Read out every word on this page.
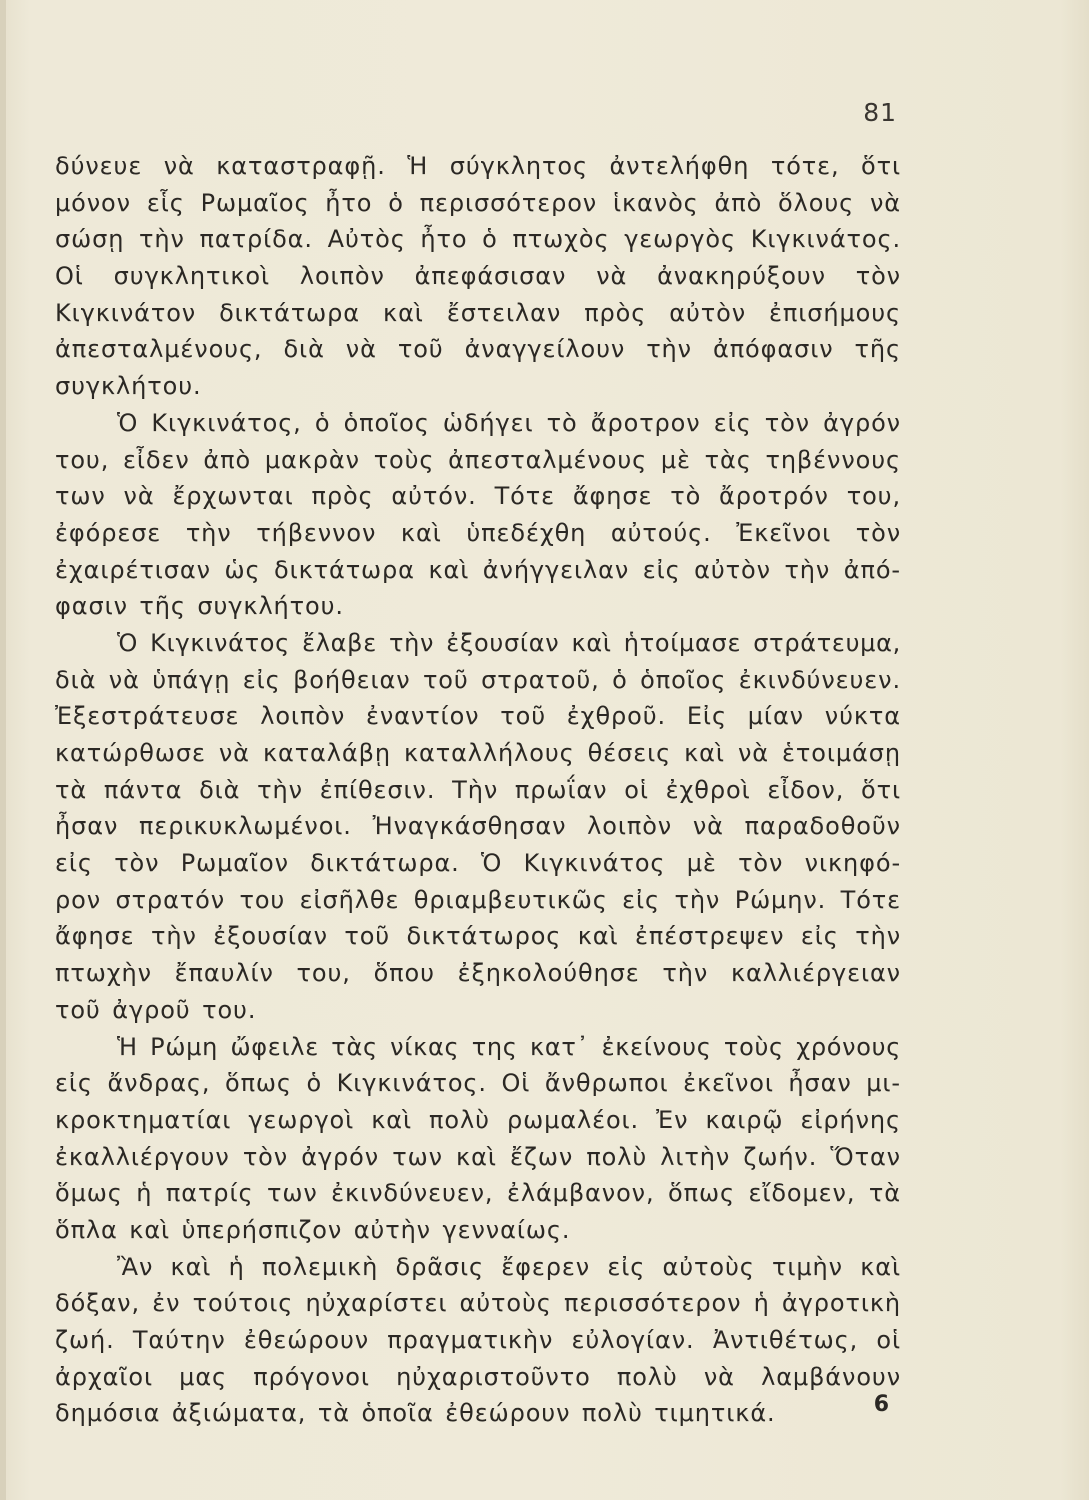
81
δύνευε νὰ καταστραφῇ. Ἡ σύγκλητος ἀντελήφθη τότε, ὅτι
μόνον εἷς Ρωμαῖος ἦτο ὁ περισσότερον ἱκανὸς ἀπὸ ὅλους νὰ
σώσῃ τὴν πατρίδα. Αὐτὸς ἦτο ὁ πτωχὸς γεωργὸς Κιγκινάτος.
Οἱ συγκλητικοὶ λοιπὸν ἀπεφάσισαν νὰ ἀνακηρύξουν τὸν
Κιγκινάτον δικτάτωρα καὶ ἔστειλαν πρὸς αὐτὸν ἐπισήμους
ἀπεσταλμένους, διὰ νὰ τοῦ ἀναγγείλουν τὴν ἀπόφασιν τῆς
συγκλήτου.
Ὁ Κιγκινάτος, ὁ ὁποῖος ὡδήγει τὸ ἄροτρον εἰς τὸν ἀγρόν
του, εἶδεν ἀπὸ μακρὰν τοὺς ἀπεσταλμένους μὲ τὰς τηβέννους
των νὰ ἔρχωνται πρὸς αὐτόν. Τότε ἄφησε τὸ ἄροτρόν του,
ἐφόρεσε τὴν τήβεννον καὶ ὑπεδέχθη αὐτούς. Ἐκεῖνοι τὸν
ἐχαιρέτισαν ὡς δικτάτωρα καὶ ἀνήγγειλαν εἰς αὐτὸν τὴν ἀπό-
φασιν τῆς συγκλήτου.
Ὁ Κιγκινάτος ἔλαβε τὴν ἐξουσίαν καὶ ἡτοίμασε στράτευμα,
διὰ νὰ ὑπάγῃ εἰς βοήθειαν τοῦ στρατοῦ, ὁ ὁποῖος ἐκινδύνευεν.
Ἐξεστράτευσε λοιπὸν ἐναντίον τοῦ ἐχθροῦ. Εἰς μίαν νύκτα
κατώρθωσε νὰ καταλάβῃ καταλλήλους θέσεις καὶ νὰ ἑτοιμάσῃ
τὰ πάντα διὰ τὴν ἐπίθεσιν. Τὴν πρωΐαν οἱ ἐχθροὶ εἶδον, ὅτι
ἦσαν περικυκλωμένοι. Ἠναγκάσθησαν λοιπὸν νὰ παραδοθοῦν
εἰς τὸν Ρωμαῖον δικτάτωρα. Ὁ Κιγκινάτος μὲ τὸν νικηφό-
ρον στρατόν του εἰσῆλθε θριαμβευτικῶς εἰς τὴν Ρώμην. Τότε
ἄφησε τὴν ἐξουσίαν τοῦ δικτάτωρος καὶ ἐπέστρεψεν εἰς τὴν
πτωχὴν ἔπαυλίν του, ὅπου ἐξηκολούθησε τὴν καλλιέργειαν
τοῦ ἀγροῦ του.
Ἡ Ρώμη ὤφειλε τὰς νίκας της κατ᾽ ἐκείνους τοὺς χρόνους
εἰς ἄνδρας, ὅπως ὁ Κιγκινάτος. Οἱ ἄνθρωποι ἐκεῖνοι ἦσαν μι-
κροκτηματίαι γεωργοὶ καὶ πολὺ ρωμαλέοι. Ἐν καιρῷ εἰρήνης
ἐκαλλιέργουν τὸν ἀγρόν των καὶ ἔζων πολὺ λιτὴν ζωήν. Ὅταν
ὅμως ἡ πατρίς των ἐκινδύνευεν, ἐλάμβανον, ὅπως εἴδομεν, τὰ
ὅπλα καὶ ὑπερήσπιζον αὐτὴν γενναίως.
Ἂν καὶ ἡ πολεμικὴ δρᾶσις ἔφερεν εἰς αὐτοὺς τιμὴν καὶ
δόξαν, ἐν τούτοις ηὐχαρίστει αὐτοὺς περισσότερον ἡ ἀγροτικὴ
ζωή. Ταύτην ἐθεώρουν πραγματικὴν εὐλογίαν. Ἀντιθέτως, οἱ
ἀρχαῖοι μας πρόγονοι ηὐχαριστοῦντο πολὺ νὰ λαμβάνουν
δημόσια ἀξιώματα, τὰ ὁποῖα ἐθεώρουν πολὺ τιμητικά.	6
